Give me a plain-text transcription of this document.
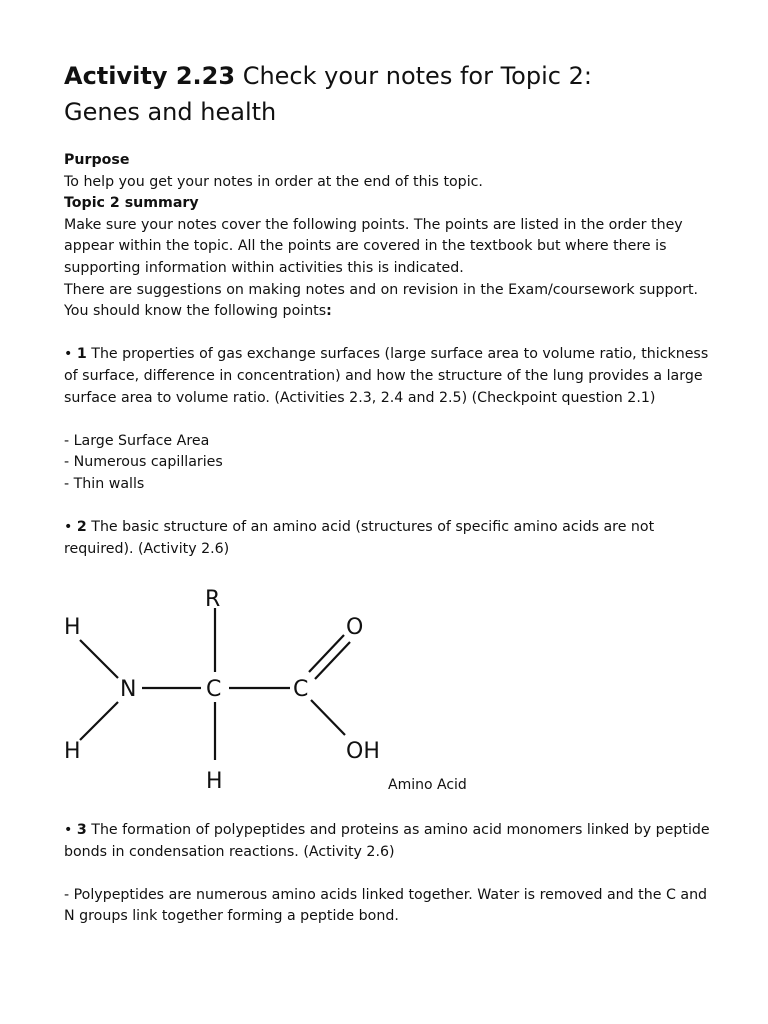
Activity 2.23 Check your notes for Topic 2:
Genes and health

Purpose

To help you get your notes in order at the end of this topic.

Topic 2 summary

Make sure your notes cover the following points. The points are listed in the order they appear within the topic. All the points are covered in the textbook but where there is supporting information within activities this is indicated.

There are suggestions on making notes and on revision in the Exam/coursework support.

You should know the following points:

• 1 The properties of gas exchange surfaces (large surface area to volume ratio, thickness of surface, difference in concentration) and how the structure of the lung provides a large surface area to volume ratio. (Activities 2.3, 2.4 and 2.5) (Checkpoint question 2.1)

- Large Surface Area

- Numerous capillaries

- Thin walls

• 2 The basic structure of an amino acid (structures of specific amino acids are not required). (Activity 2.6)

R
H	O
N	C	C
H	OH
H	Amino Acid

• 3 The formation of polypeptides and proteins as amino acid monomers linked by peptide bonds in condensation reactions. (Activity 2.6)

- Polypeptides are numerous amino acids linked together. Water is removed and the C and N groups link together forming a peptide bond.
